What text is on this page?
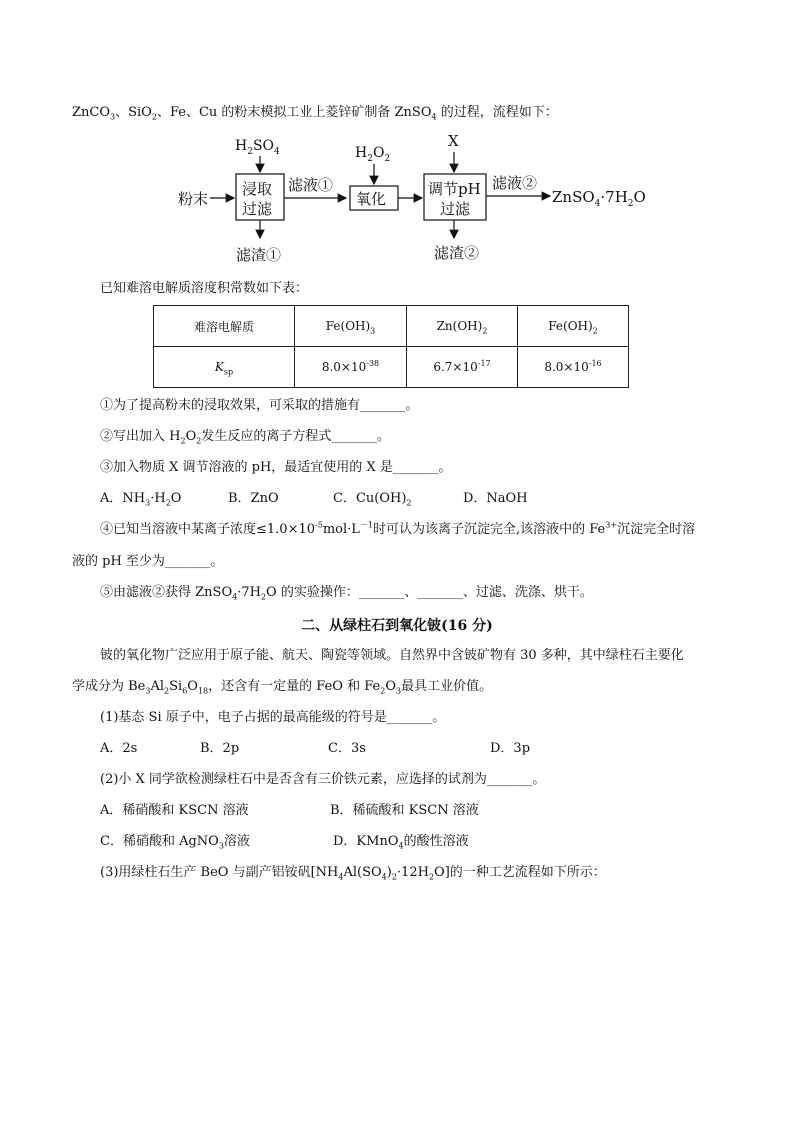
ZnCO$_3$、SiO$_2$、Fe、Cu 的粉末模拟工业上菱锌矿制备 ZnSO$_4$ 的过程，流程如下：
粉末
$H_2SO_4$
浸取
过滤
滤渣①
滤液①
$H_2O_2$
氧化
X
调节pH
过滤
滤渣②
滤液②
$ZnSO_4\cdot 7H_2O$
已知难溶电解质溶度积常数如下表：
难溶电解质	$Fe(OH)_3$	$Zn(OH)_2$	$Fe(OH)_2$
$K_{sp}$	$8.0\times 10^{-38}$	$6.7\times 10^{-17}$	$8.0\times 10^{-16}$
①为了提高粉末的浸取效果，可采取的措施有_______。
②写出加入 $H_2O_2$发生反应的离子方程式_______。
③加入物质 X 调节溶液的 pH，最适宜使用的 X 是_______。
A．$NH_3\cdot H_2O$	B．ZnO	C．$Cu(OH)_2$	D．NaOH
④已知当溶液中某离子浓度$\le 1.0\times 10^{-5}mol\cdot L^{-1}$时可认为该离子沉淀完全,该溶液中的 $Fe^{3+}$沉淀完全时溶
液的 pH 至少为_______。
⑤由滤液②获得 $ZnSO_4\cdot 7H_2O$ 的实验操作：_______、_______、过滤、洗涤、烘干。
二、从绿柱石到氧化铍(16 分)
铍的氧化物广泛应用于原子能、航天、陶瓷等领域。自然界中含铍矿物有 30 多种，其中绿柱石主要化
学成分为 $Be_3Al_2Si_6O_{18}$，还含有一定量的 FeO 和 $Fe_2O_3$最具工业价值。
(1)基态 Si 原子中，电子占据的最高能级的符号是_______。
A．2s	B．2p	C．3s	D．3p
(2)小 X 同学欲检测绿柱石中是否含有三价铁元素，应选择的试剂为_______。
A．稀硝酸和 KSCN 溶液	B．稀硫酸和 KSCN 溶液
C．稀硝酸和 AgNO$_3$溶液	D．KMnO$_4$的酸性溶液
(3)用绿柱石生产 BeO 与副产铝铵矾$[NH_4Al(SO_4)_2\cdot 12H_2O]$的一种工艺流程如下所示：
